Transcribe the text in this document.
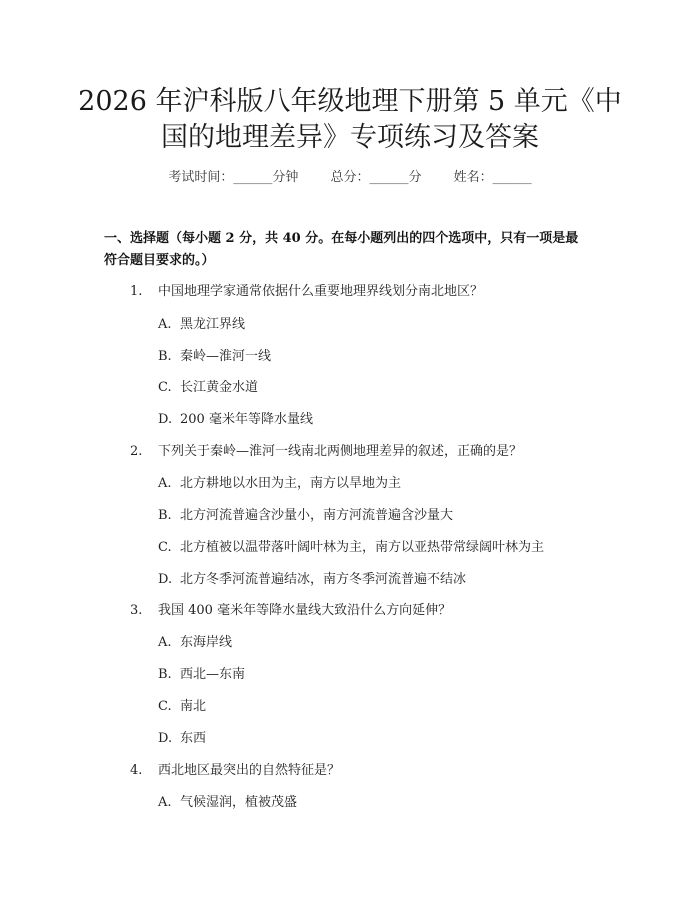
2026 年沪科版八年级地理下册第 5 单元《中
国的地理差异》专项练习及答案
考试时间：______分钟 总分：______分 姓名：______
一、选择题（每小题 2 分，共 40 分。在每小题列出的四个选项中，只有一项是最
符合题目要求的。）
1. 中国地理学家通常依据什么重要地理界线划分南北地区？
A. 黑龙江界线
B. 秦岭—淮河一线
C. 长江黄金水道
D. 200 毫米年等降水量线
2. 下列关于秦岭—淮河一线南北两侧地理差异的叙述，正确的是？
A. 北方耕地以水田为主，南方以旱地为主
B. 北方河流普遍含沙量小，南方河流普遍含沙量大
C. 北方植被以温带落叶阔叶林为主，南方以亚热带常绿阔叶林为主
D. 北方冬季河流普遍结冰，南方冬季河流普遍不结冰
3. 我国 400 毫米年等降水量线大致沿什么方向延伸？
A. 东海岸线
B. 西北—东南
C. 南北
D. 东西
4. 西北地区最突出的自然特征是？
A. 气候湿润，植被茂盛
